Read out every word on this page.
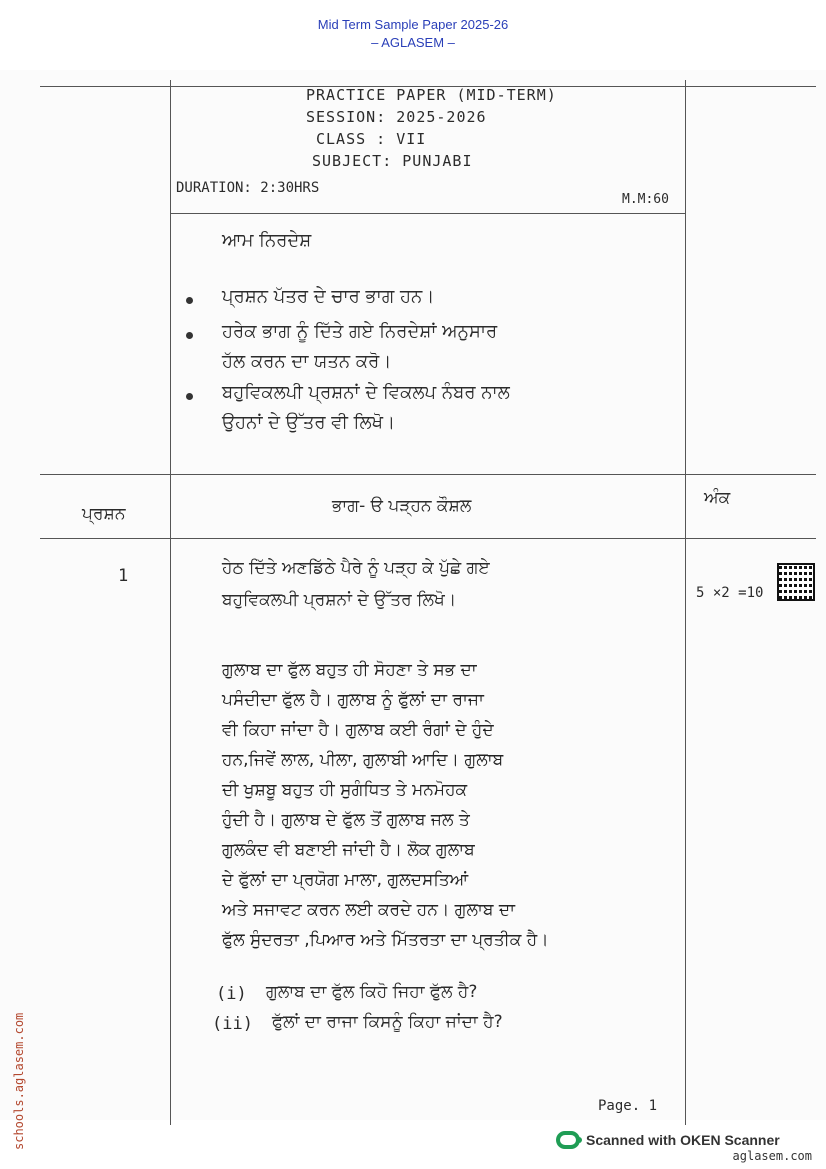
Mid Term Sample Paper 2025-26
– AGLASEM –
PRACTICE PAPER (MID-TERM)
SESSION: 2025-2026
CLASS : VII
SUBJECT: PUNJABI
DURATION: 2:30HRS
M.M:60
ਆਮ ਨਿਰਦੇਸ਼
ਪ੍ਰਸ਼ਨ ਪੱਤਰ ਦੇ ਚਾਰ ਭਾਗ ਹਨ।
ਹਰੇਕ ਭਾਗ ਨੂੰ ਦਿੱਤੇ ਗਏ ਨਿਰਦੇਸ਼ਾਂ ਅਨੁਸਾਰ
ਹੱਲ ਕਰਨ ਦਾ ਯਤਨ ਕਰੋ।
ਬਹੁਵਿਕਲਪੀ ਪ੍ਰਸ਼ਨਾਂ ਦੇ ਵਿਕਲਪ ਨੰਬਰ ਨਾਲ
ਉਹਨਾਂ ਦੇ ਉੱਤਰ ਵੀ ਲਿਖੋ।
ਪ੍ਰਸ਼ਨ	ਭਾਗ- ੳ ਪੜ੍ਹਨ ਕੌਸ਼ਲ	ਅੰਕ
1	ਹੇਠ ਦਿੱਤੇ ਅਣਡਿੱਠੇ ਪੈਰੇ ਨੂੰ ਪੜ੍ਹ ਕੇ ਪੁੱਛੇ ਗਏ
ਬਹੁਵਿਕਲਪੀ ਪ੍ਰਸ਼ਨਾਂ ਦੇ ਉੱਤਰ ਲਿਖੋ।	5 ×2 =10
ਗੁਲਾਬ ਦਾ ਫੁੱਲ ਬਹੁਤ ਹੀ ਸੋਹਣਾ ਤੇ ਸਭ ਦਾ
ਪਸੰਦੀਦਾ ਫੁੱਲ ਹੈ। ਗੁਲਾਬ ਨੂੰ ਫੁੱਲਾਂ ਦਾ ਰਾਜਾ
ਵੀ ਕਿਹਾ ਜਾਂਦਾ ਹੈ। ਗੁਲਾਬ ਕਈ ਰੰਗਾਂ ਦੇ ਹੁੰਦੇ
ਹਨ,ਜਿਵੇਂ ਲਾਲ, ਪੀਲਾ, ਗੁਲਾਬੀ ਆਦਿ। ਗੁਲਾਬ
ਦੀ ਖੁਸ਼ਬੂ ਬਹੁਤ ਹੀ ਸੁਗੰਧਿਤ ਤੇ ਮਨਮੋਹਕ
ਹੁੰਦੀ ਹੈ। ਗੁਲਾਬ ਦੇ ਫੁੱਲ ਤੋਂ ਗੁਲਾਬ ਜਲ ਤੇ
ਗੁਲਕੰਦ ਵੀ ਬਣਾਈ ਜਾਂਦੀ ਹੈ। ਲੋਕ ਗੁਲਾਬ
ਦੇ ਫੁੱਲਾਂ ਦਾ ਪ੍ਰਯੋਗ ਮਾਲਾ, ਗੁਲਦਸਤਿਆਂ
ਅਤੇ ਸਜਾਵਟ ਕਰਨ ਲਈ ਕਰਦੇ ਹਨ। ਗੁਲਾਬ ਦਾ
ਫੁੱਲ ਸੁੰਦਰਤਾ ,ਪਿਆਰ ਅਤੇ ਮਿੱਤਰਤਾ ਦਾ ਪ੍ਰਤੀਕ ਹੈ।
(i) ਗੁਲਾਬ ਦਾ ਫੁੱਲ ਕਿਹੋ ਜਿਹਾ ਫੁੱਲ ਹੈ?
(ii) ਫੁੱਲਾਂ ਦਾ ਰਾਜਾ ਕਿਸਨੂੰ ਕਿਹਾ ਜਾਂਦਾ ਹੈ?
Page. 1
schools.aglasem.com	Scanned with OKEN Scanner
aglasem.com
